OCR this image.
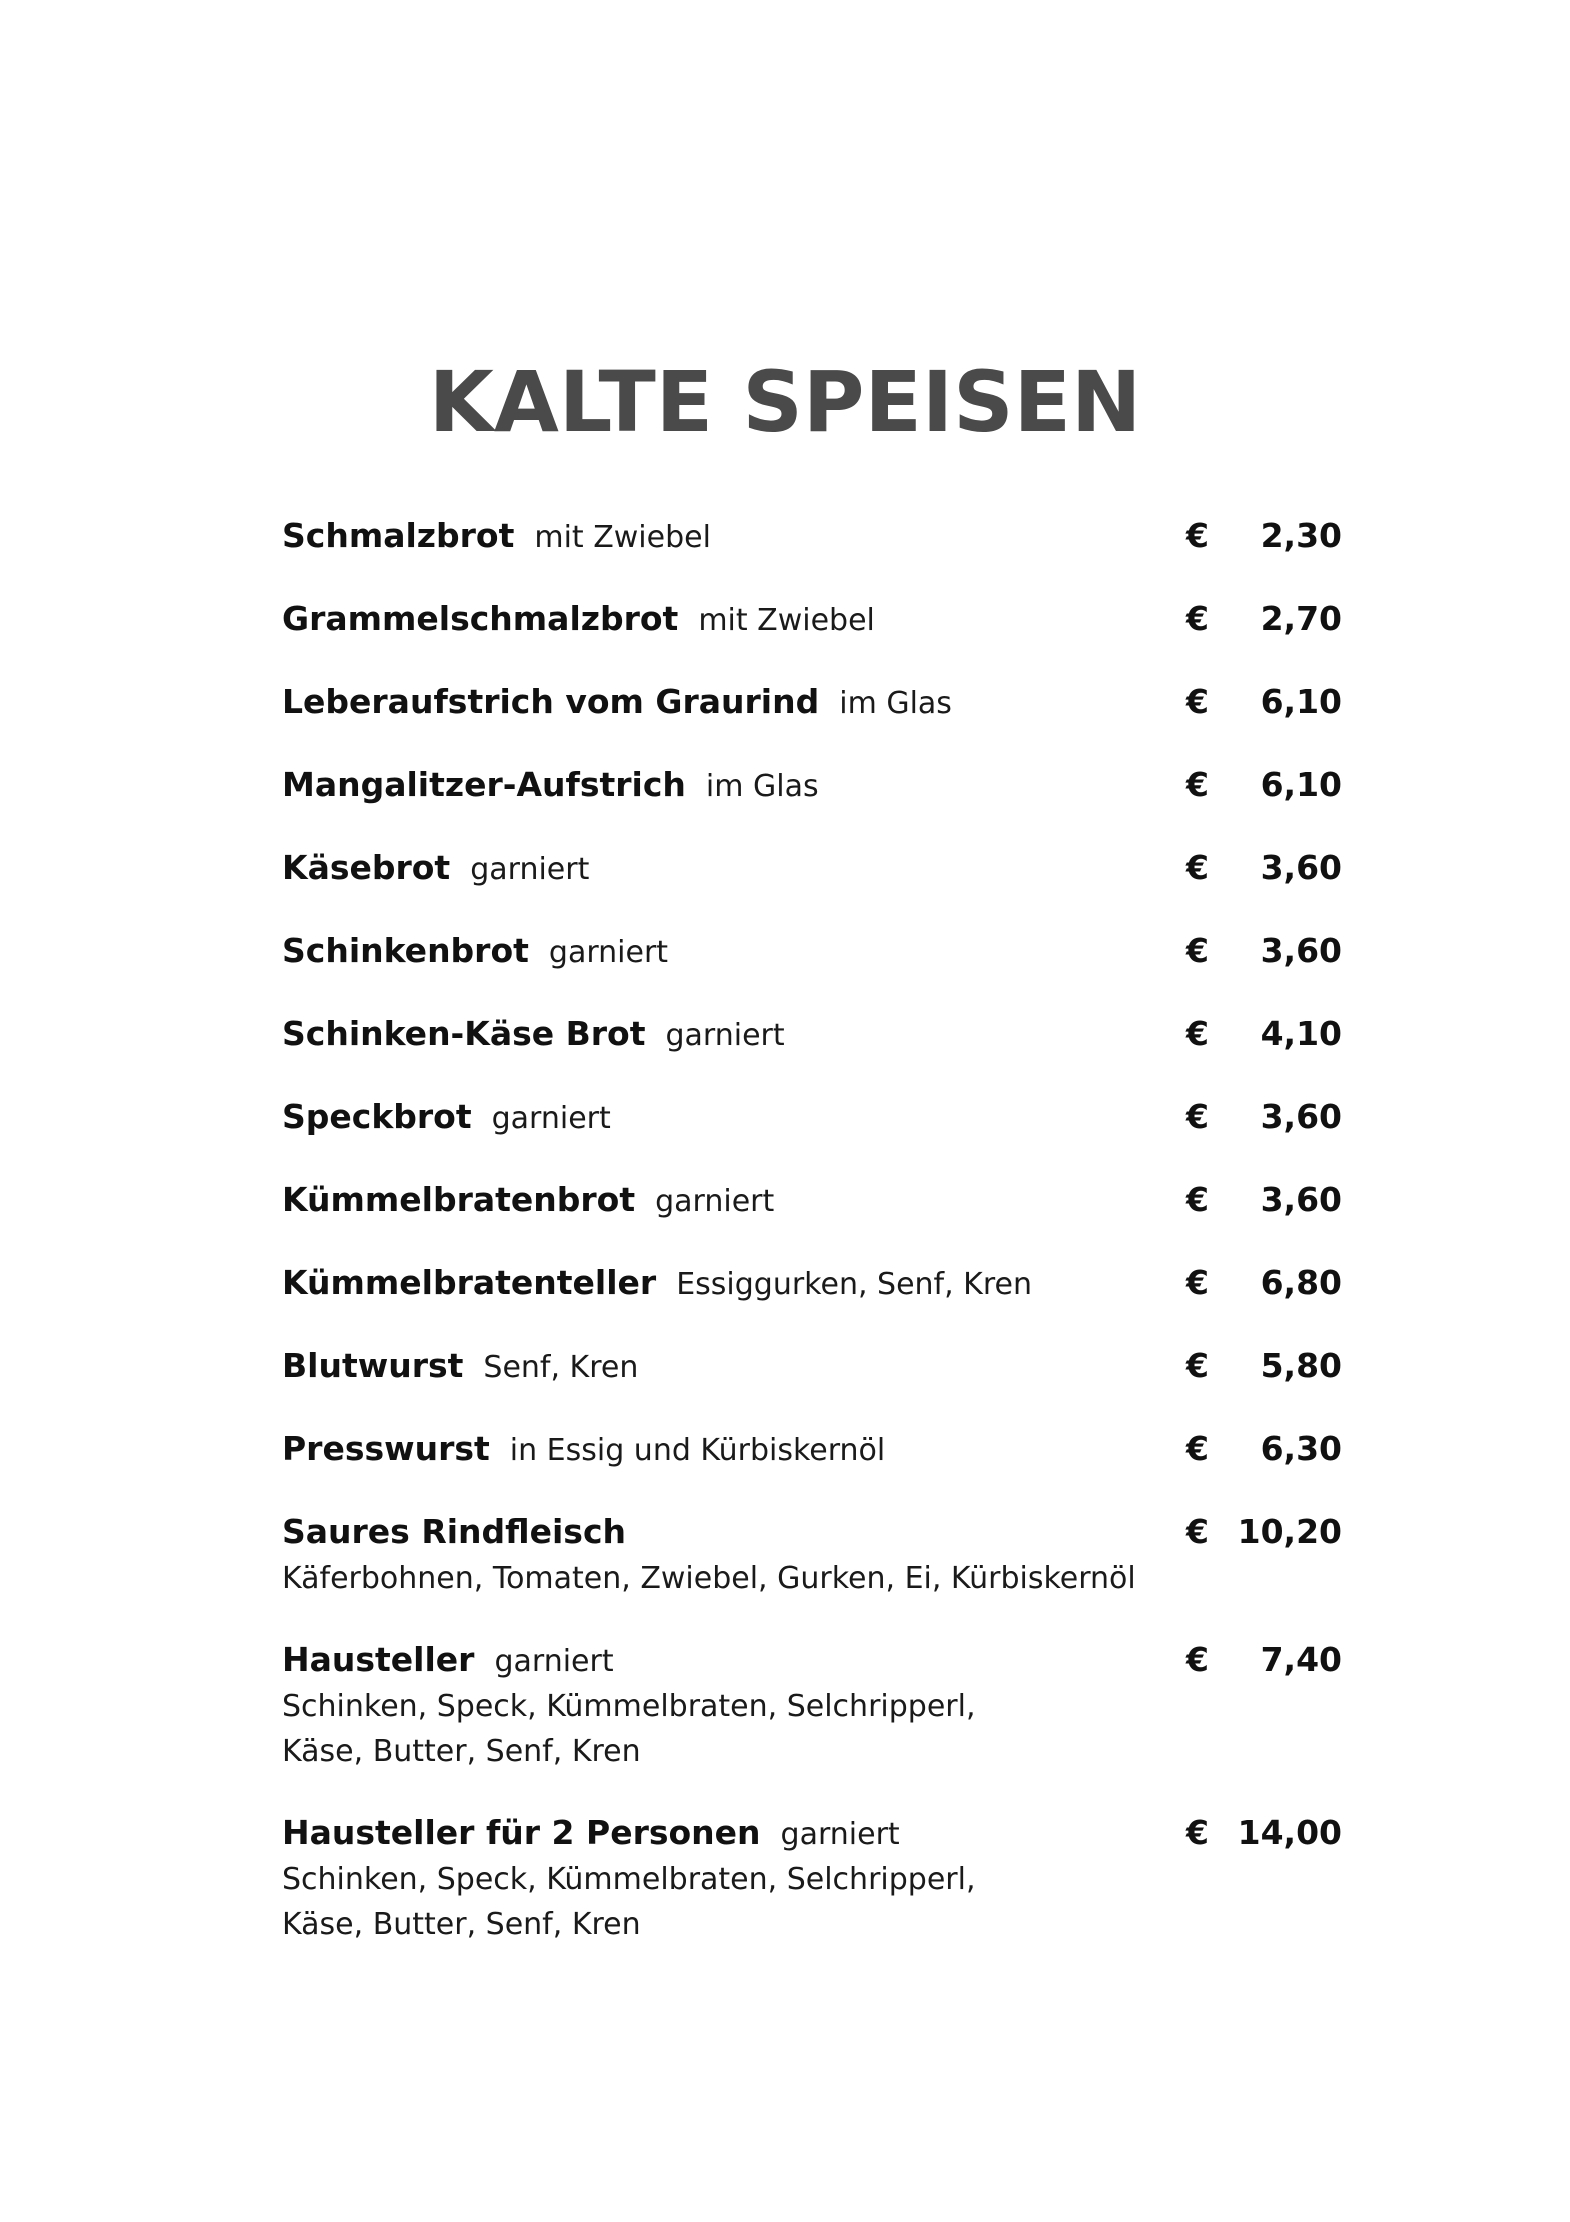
KALTE SPEISEN
Schmalzbrot mit Zwiebel	€ 2,30
Grammelschmalzbrot mit Zwiebel	€ 2,70
Leberaufstrich vom Graurind im Glas	€ 6,10
Mangalitzer-Aufstrich im Glas	€ 6,10
Käsebrot garniert	€ 3,60
Schinkenbrot garniert	€ 3,60
Schinken-Käse Brot garniert	€ 4,10
Speckbrot garniert	€ 3,60
Kümmelbratenbrot garniert	€ 3,60
Kümmelbratenteller Essiggurken, Senf, Kren	€ 6,80
Blutwurst Senf, Kren	€ 5,80
Presswurst in Essig und Kürbiskernöl	€ 6,30
Saures Rindfleisch	€ 10,20
Käferbohnen, Tomaten, Zwiebel, Gurken, Ei, Kürbiskernöl
Hausteller garniert	€ 7,40
Schinken, Speck, Kümmelbraten, Selchripperl,
Käse, Butter, Senf, Kren
Hausteller für 2 Personen garniert	€ 14,00
Schinken, Speck, Kümmelbraten, Selchripperl,
Käse, Butter, Senf, Kren
